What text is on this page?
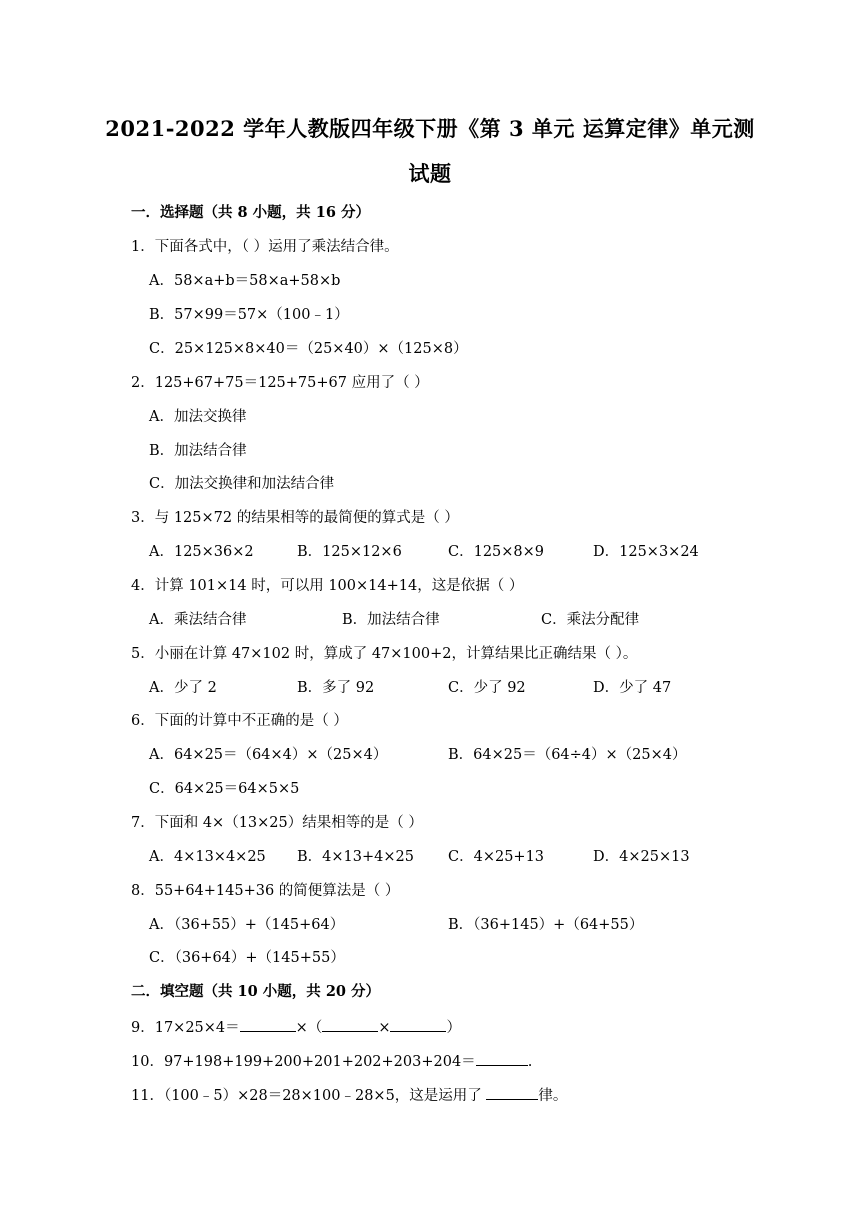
2021-2022 学年人教版四年级下册《第 3 单元 运算定律》单元测
试题
一．选择题（共 8 小题，共 16 分）
1．下面各式中，（ ）运用了乘法结合律。
A．58×a+b＝58×a+58×b
B．57×99＝57×（100﹣1）
C．25×125×8×40＝（25×40）×（125×8）
2．125+67+75＝125+75+67 应用了（ ）
A．加法交换律
B．加法结合律
C．加法交换律和加法结合律
3．与 125×72 的结果相等的最简便的算式是（ ）
A．125×36×2	B．125×12×6	C．125×8×9	D．125×3×24
4．计算 101×14 时，可以用 100×14+14，这是依据（ ）
A．乘法结合律	B．加法结合律	C．乘法分配律
5．小丽在计算 47×102 时，算成了 47×100+2，计算结果比正确结果（ ）。
A．少了 2	B．多了 92	C．少了 92	D．少了 47
6．下面的计算中不正确的是（ ）
A．64×25＝（64×4）×（25×4）	B．64×25＝（64÷4）×（25×4）
C．64×25＝64×5×5
7．下面和 4×（13×25）结果相等的是（ ）
A．4×13×4×25 B．4×13+4×25 C．4×25+13	D．4×25×13
8．55+64+145+36 的简便算法是（ ）
A．（36+55）+（145+64）	B．（36+145）+（64+55）
C．（36+64）+（145+55）
二．填空题（共 10 小题，共 20 分）
9．17×25×4＝	×（	×	）
10．97+198+199+200+201+202+203+204＝	.
11．（100﹣5）×28＝28×100﹣28×5，这是运用了	律。
